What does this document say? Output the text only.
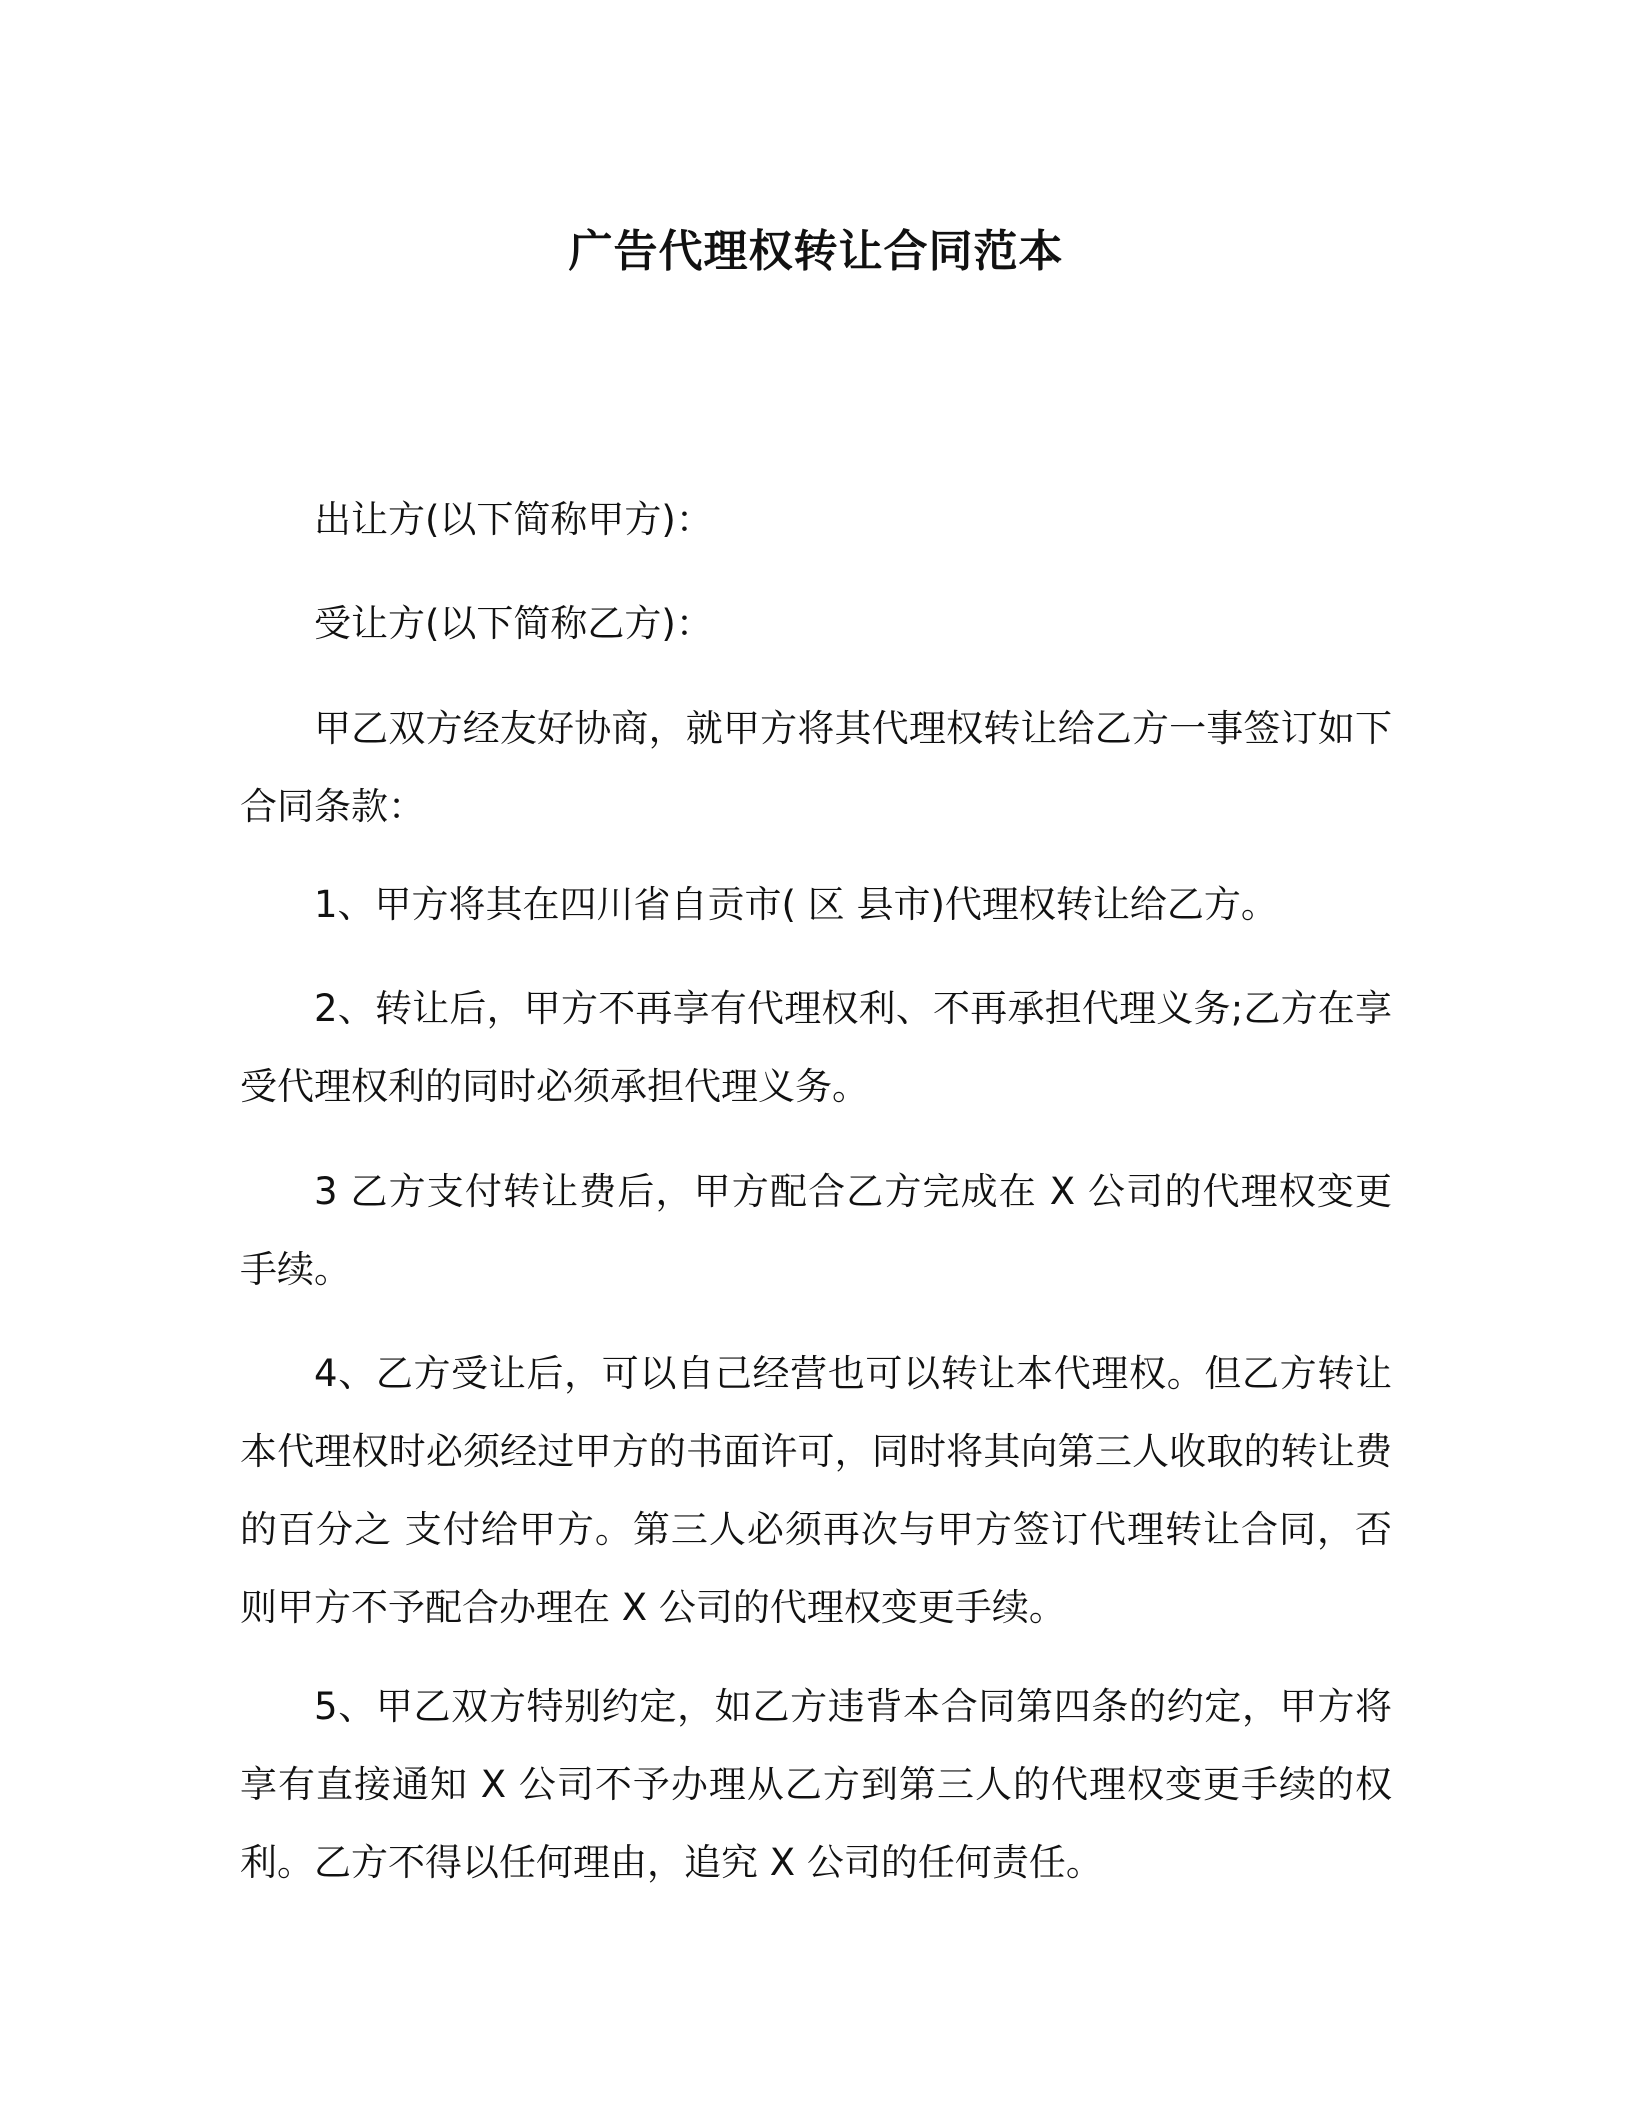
广告代理权转让合同范本

出让方(以下简称甲方)：

受让方(以下简称乙方)：

甲乙双方经友好协商，就甲方将其代理权转让给乙方一事签订如下合同条款：

1、甲方将其在四川省自贡市( 区 县市)代理权转让给乙方。

2、转让后，甲方不再享有代理权利、不再承担代理义务;乙方在享受代理权利的同时必须承担代理义务。

3 乙方支付转让费后，甲方配合乙方完成在 X 公司的代理权变更手续。

4、乙方受让后，可以自己经营也可以转让本代理权。但乙方转让本代理权时必须经过甲方的书面许可，同时将其向第三人收取的转让费的百分之 支付给甲方。第三人必须再次与甲方签订代理转让合同，否则甲方不予配合办理在 X 公司的代理权变更手续。

5、甲乙双方特别约定，如乙方违背本合同第四条的约定，甲方将享有直接通知 X 公司不予办理从乙方到第三人的代理权变更手续的权利。乙方不得以任何理由，追究 X 公司的任何责任。
